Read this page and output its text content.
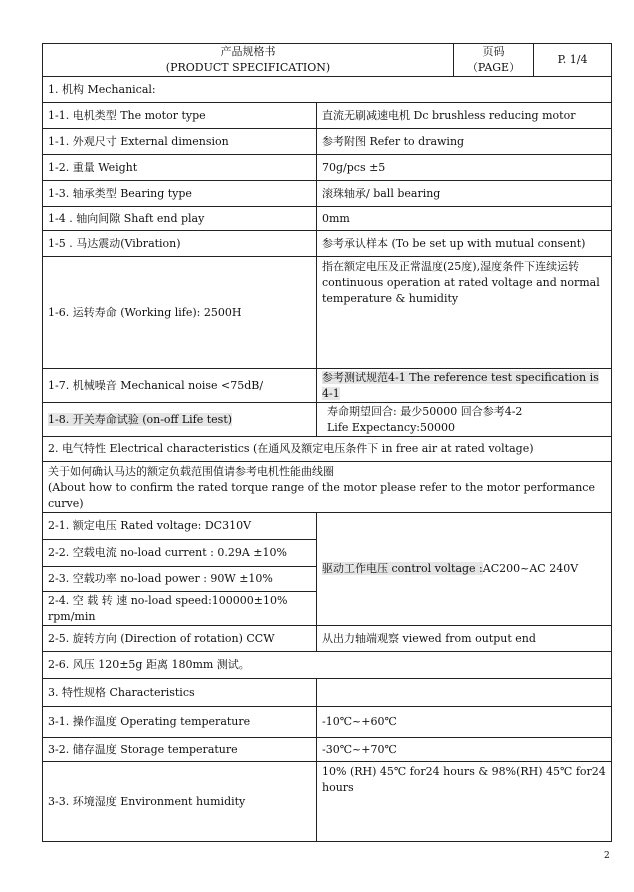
产品规格书
(PRODUCT SPECIFICATION)		页码（PAGE）	P. 1/4
1. 机构 Mechanical:			
1-1. 电机类型 The motor type	直流无刷减速电机 Dc brushless reducing motor		
1-1. 外观尺寸 External dimension	参考附图 Refer to drawing		
1-2. 重量 Weight	70g/pcs ±5		
1-3. 轴承类型 Bearing type	滚珠轴承/ ball bearing		
1-4 . 轴向间隙 Shaft end play	0mm		
1-5 . 马达震动(Vibration)	参考承认样本 (To be set up with mutual consent)		
1-6. 运转寿命 (Working life): 2500H	指在额定电压及正常温度(25度),湿度条件下连续运转
continuous operation at rated voltage and normal temperature & humidity		

1-7. 机械噪音 Mechanical noise <75dB/	参考测试规范4-1 The reference test specification is 4-1		
1-8. 开关寿命试验 (on-off Life test)	寿命期望回合: 最少50000 回合参考4-2
Life Expectancy:50000		

2. 电气特性 Electrical characteristics (在通风及额定电压条件下 in free air at rated voltage)			

关于如何确认马达的额定负载范围值请参考电机性能曲线圈
(About how to confirm the rated torque range of the motor please refer to the motor performance curve)			

2-1. 额定电压 Rated voltage: DC310V	驱动工作电压 control voltage :AC200~AC 240V		
2-2. 空载电流 no-load current : 0.29A ±10%			
2-3. 空载功率 no-load power : 90W ±10%			
2-4. 空 载 转 速 no-load speed:100000±10% rpm/min			
2-5. 旋转方向 (Direction of rotation) CCW	从出力轴端观察 viewed from output end		
2-6. 风压 120±5g 距离 180mm 测试。			
3. 特性规格 Characteristics			
3-1. 操作温度 Operating temperature	-10℃~+60℃		
3-2. 储存温度 Storage temperature	-30℃~+70℃		
3-3. 环境湿度 Environment humidity	10% (RH) 45℃ for24 hours & 98%(RH) 45℃ for24 hours		
2
